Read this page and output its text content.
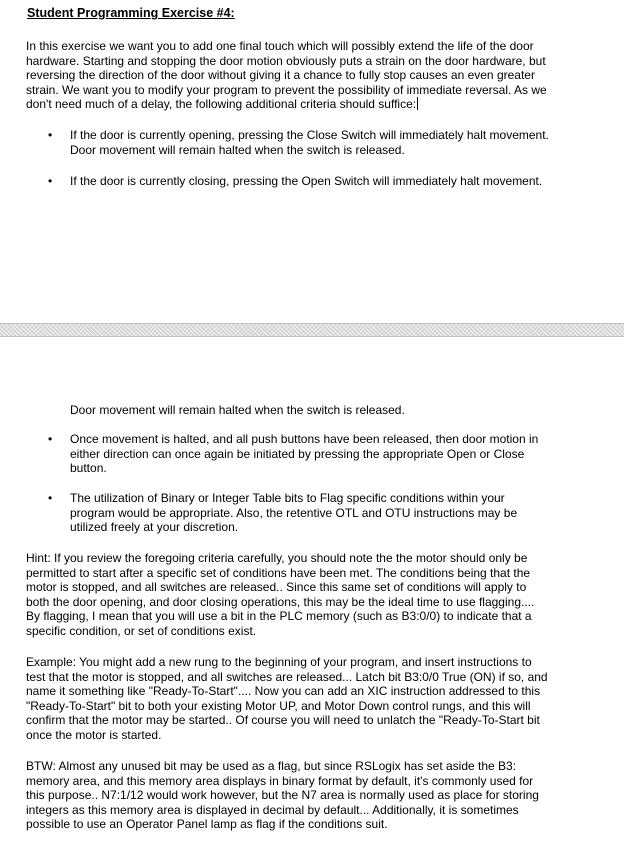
Student Programming Exercise #4:
In this exercise we want you to add one final touch which will possibly extend the life of the door
hardware. Starting and stopping the door motion obviously puts a strain on the door hardware, but
reversing the direction of the door without giving it a chance to fully stop causes an even greater
strain. We want you to modify your program to prevent the possibility of immediate reversal. As we
don't need much of a delay, the following additional criteria should suffice:
• If the door is currently opening, pressing the Close Switch will immediately halt movement.
Door movement will remain halted when the switch is released.
• If the door is currently closing, pressing the Open Switch will immediately halt movement.
Door movement will remain halted when the switch is released.
• Once movement is halted, and all push buttons have been released, then door motion in
either direction can once again be initiated by pressing the appropriate Open or Close
button.
• The utilization of Binary or Integer Table bits to Flag specific conditions within your
program would be appropriate. Also, the retentive OTL and OTU instructions may be
utilized freely at your discretion.
Hint: If you review the foregoing criteria carefully, you should note the the motor should only be
permitted to start after a specific set of conditions have been met. The conditions being that the
motor is stopped, and all switches are released.. Since this same set of conditions will apply to
both the door opening, and door closing operations, this may be the ideal time to use flagging....
By flagging, I mean that you will use a bit in the PLC memory (such as B3:0/0) to indicate that a
specific condition, or set of conditions exist.
Example: You might add a new rung to the beginning of your program, and insert instructions to
test that the motor is stopped, and all switches are released... Latch bit B3:0/0 True (ON) if so, and
name it something like "Ready-To-Start".... Now you can add an XIC instruction addressed to this
"Ready-To-Start" bit to both your existing Motor UP, and Motor Down control rungs, and this will
confirm that the motor may be started.. Of course you will need to unlatch the "Ready-To-Start bit
once the motor is started.
BTW: Almost any unused bit may be used as a flag, but since RSLogix has set aside the B3:
memory area, and this memory area displays in binary format by default, it's commonly used for
this purpose.. N7:1/12 would work however, but the N7 area is normally used as place for storing
integers as this memory area is displayed in decimal by default... Additionally, it is sometimes
possible to use an Operator Panel lamp as flag if the conditions suit.
